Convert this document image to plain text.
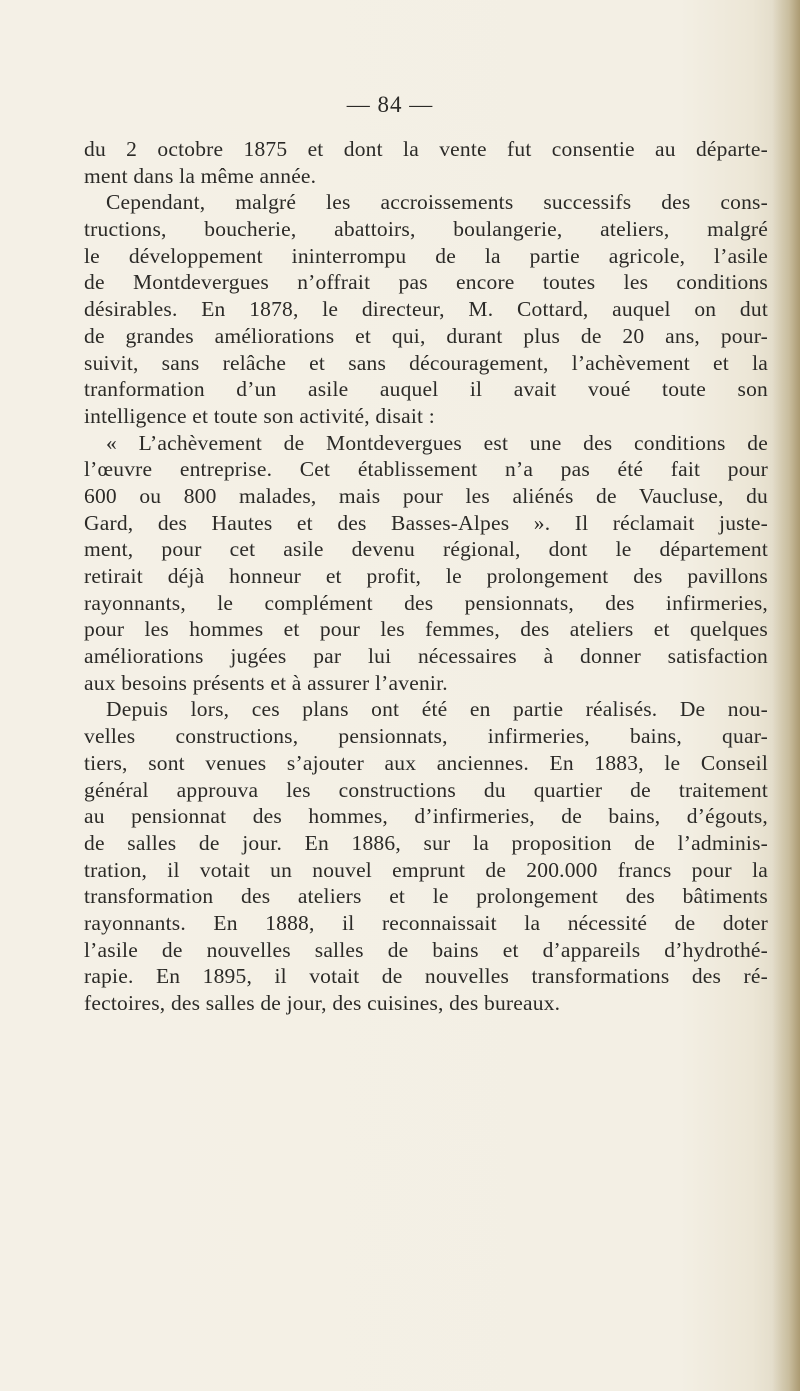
— 84 —
du 2 octobre 1875 et dont la vente fut consentie au départe-
ment dans la même année.
Cependant, malgré les accroissements successifs des cons-
tructions, boucherie, abattoirs, boulangerie, ateliers, malgré
le développement ininterrompu de la partie agricole, l’asile
de Montdevergues n’offrait pas encore toutes les conditions
désirables. En 1878, le directeur, M. Cottard, auquel on dut
de grandes améliorations et qui, durant plus de 20 ans, pour-
suivit, sans relâche et sans découragement, l’achèvement et la
tranformation d’un asile auquel il avait voué toute son
intelligence et toute son activité, disait :
« L’achèvement de Montdevergues est une des conditions de
l’œuvre entreprise. Cet établissement n’a pas été fait pour
600 ou 800 malades, mais pour les aliénés de Vaucluse, du
Gard, des Hautes et des Basses-Alpes ». Il réclamait juste-
ment, pour cet asile devenu régional, dont le département
retirait déjà honneur et profit, le prolongement des pavillons
rayonnants, le complément des pensionnats, des infirmeries,
pour les hommes et pour les femmes, des ateliers et quelques
améliorations jugées par lui nécessaires à donner satisfaction
aux besoins présents et à assurer l’avenir.
Depuis lors, ces plans ont été en partie réalisés. De nou-
velles constructions, pensionnats, infirmeries, bains, quar-
tiers, sont venues s’ajouter aux anciennes. En 1883, le Conseil
général approuva les constructions du quartier de traitement
au pensionnat des hommes, d’infirmeries, de bains, d’égouts,
de salles de jour. En 1886, sur la proposition de l’adminis-
tration, il votait un nouvel emprunt de 200.000 francs pour la
transformation des ateliers et le prolongement des bâtiments
rayonnants. En 1888, il reconnaissait la nécessité de doter
l’asile de nouvelles salles de bains et d’appareils d’hydrothé-
rapie. En 1895, il votait de nouvelles transformations des ré-
fectoires, des salles de jour, des cuisines, des bureaux.
